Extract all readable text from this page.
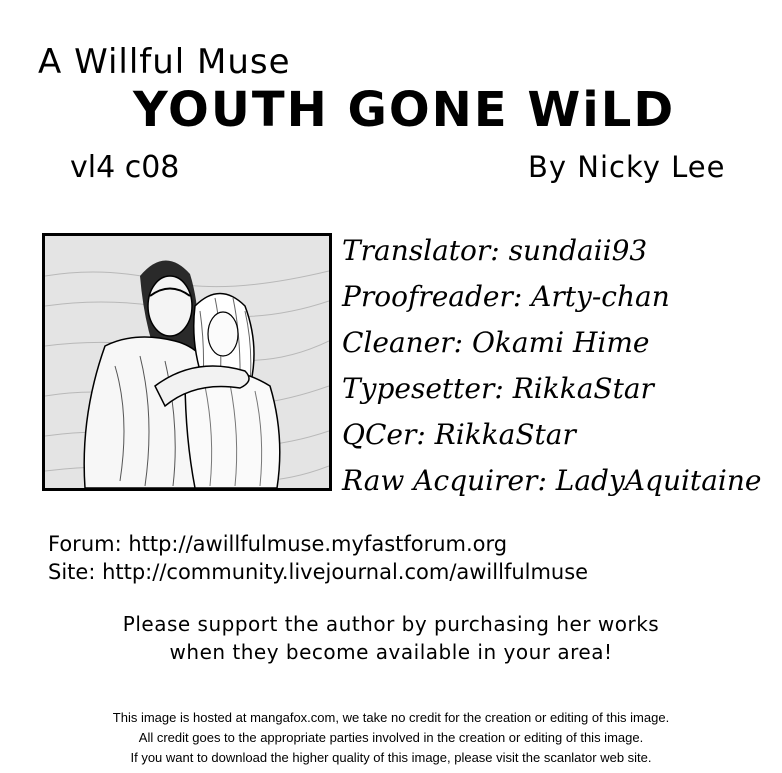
A Willful Muse
YOUTH GONE WiLD
vl4 c08	By Nicky Lee
Translator: sundaii93
Proofreader: Arty-chan
Cleaner: Okami Hime
Typesetter: RikkaStar
QCer: RikkaStar
Raw Acquirer: LadyAquitaine
Forum: http://awillfulmuse.myfastforum.org
Site: http://community.livejournal.com/awillfulmuse
Please support the author by purchasing her works
when they become available in your area!
This image is hosted at mangafox.com, we take no credit for the creation or editing of this image.
All credit goes to the appropriate parties involved in the creation or editing of this image.
If you want to download the higher quality of this image, please visit the scanlator web site.
